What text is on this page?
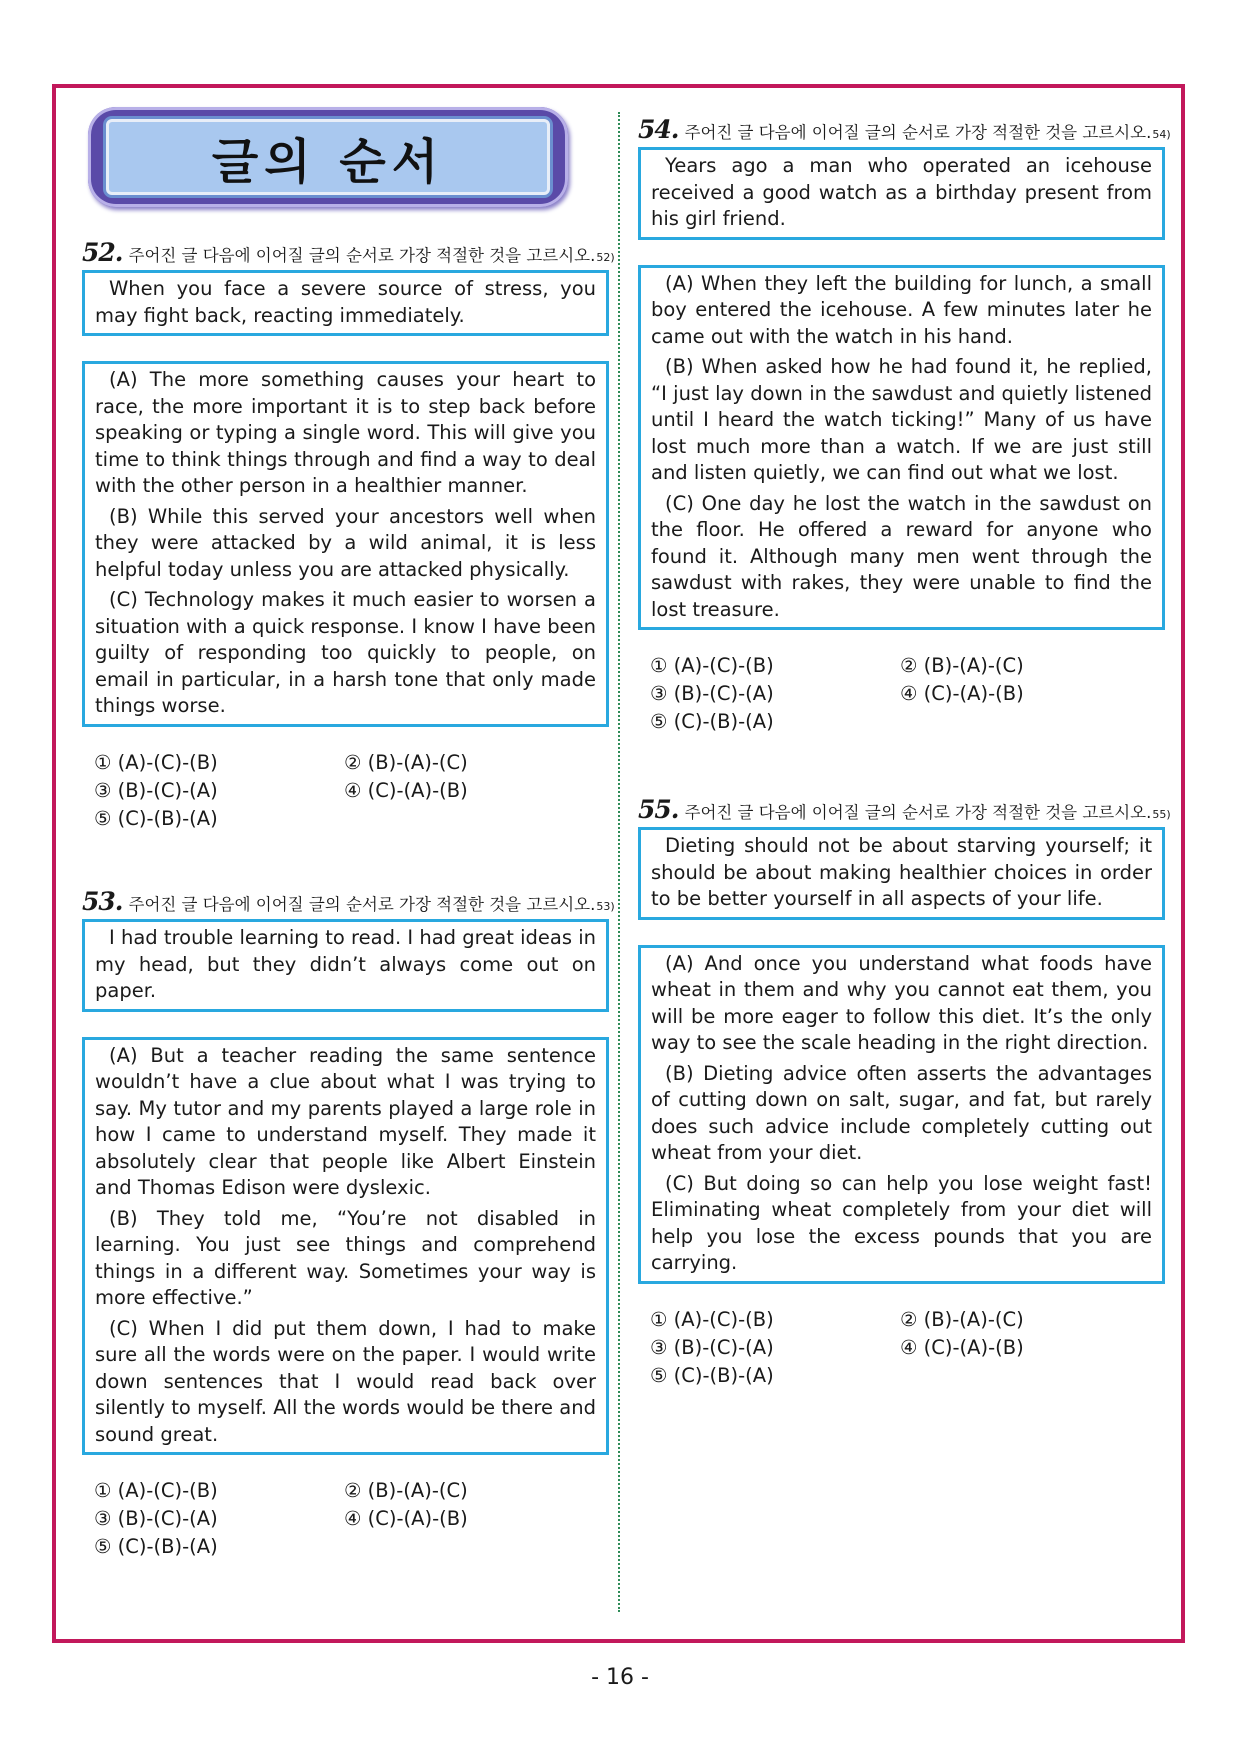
글의 순서
52. 주어진 글 다음에 이어질 글의 순서로 가장 적절한 것을 고르시오. 52)

When you face a severe source of stress, you may fight back, reacting immediately.

(A) The more something causes your heart to race, the more important it is to step back before speaking or typing a single word. This will give you time to think things through and find a way to deal with the other person in a healthier manner.

(B) While this served your ancestors well when they were attacked by a wild animal, it is less helpful today unless you are attacked physically.

(C) Technology makes it much easier to worsen a situation with a quick response. I know I have been guilty of responding too quickly to people, on email in particular, in a harsh tone that only made things worse.

① (A)-(C)-(B)	② (B)-(A)-(C)
③ (B)-(C)-(A)	④ (C)-(A)-(B)
⑤ (C)-(B)-(A)
53. 주어진 글 다음에 이어질 글의 순서로 가장 적절한 것을 고르시오. 53)

I had trouble learning to read. I had great ideas in my head, but they didn’t always come out on paper.

(A) But a teacher reading the same sentence wouldn’t have a clue about what I was trying to say. My tutor and my parents played a large role in how I came to understand myself. They made it absolutely clear that people like Albert Einstein and Thomas Edison were dyslexic.

(B) They told me, “You’re not disabled in learning. You just see things and comprehend things in a different way. Sometimes your way is more effective.”

(C) When I did put them down, I had to make sure all the words were on the paper. I would write down sentences that I would read back over silently to myself. All the words would be there and sound great.

① (A)-(C)-(B)	② (B)-(A)-(C)
③ (B)-(C)-(A)	④ (C)-(A)-(B)
⑤ (C)-(B)-(A)
54. 주어진 글 다음에 이어질 글의 순서로 가장 적절한 것을 고르시오. 54)

Years ago a man who operated an icehouse received a good watch as a birthday present from his girl friend.

(A) When they left the building for lunch, a small boy entered the icehouse. A few minutes later he came out with the watch in his hand.

(B) When asked how he had found it, he replied, “I just lay down in the sawdust and quietly listened until I heard the watch ticking!” Many of us have lost much more than a watch. If we are just still and listen quietly, we can find out what we lost.

(C) One day he lost the watch in the sawdust on the floor. He offered a reward for anyone who found it. Although many men went through the sawdust with rakes, they were unable to find the lost treasure.

① (A)-(C)-(B)	② (B)-(A)-(C)
③ (B)-(C)-(A)	④ (C)-(A)-(B)
⑤ (C)-(B)-(A)
55. 주어진 글 다음에 이어질 글의 순서로 가장 적절한 것을 고르시오. 55)

Dieting should not be about starving yourself; it should be about making healthier choices in order to be better yourself in all aspects of your life.

(A) And once you understand what foods have wheat in them and why you cannot eat them, you will be more eager to follow this diet. It’s the only way to see the scale heading in the right direction.

(B) Dieting advice often asserts the advantages of cutting down on salt, sugar, and fat, but rarely does such advice include completely cutting out wheat from your diet.

(C) But doing so can help you lose weight fast! Eliminating wheat completely from your diet will help you lose the excess pounds that you are carrying.

① (A)-(C)-(B)	② (B)-(A)-(C)
③ (B)-(C)-(A)	④ (C)-(A)-(B)
⑤ (C)-(B)-(A)
- 16 -
